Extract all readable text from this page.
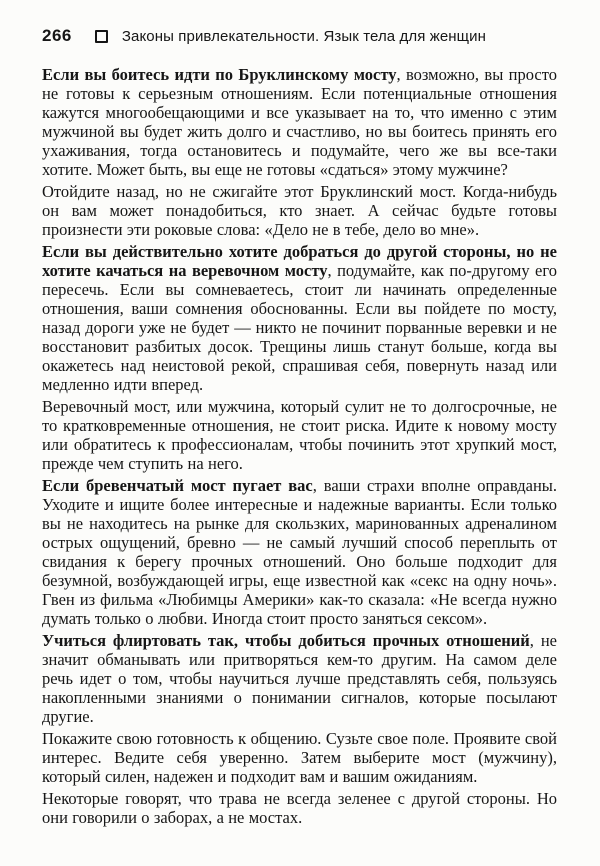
266	Законы привлекательности. Язык тела для женщин

Если вы боитесь идти по Бруклинскому мосту, возможно, вы просто не готовы к серьезным отношениям. Если потенциальные отношения кажутся многообещающими и все указывает на то, что именно с этим мужчиной вы будет жить долго и счастливо, но вы боитесь принять его ухаживания, тогда остановитесь и подумайте, чего же вы все-таки хотите. Может быть, вы еще не готовы «сдаться» этому мужчине?

Отойдите назад, но не сжигайте этот Бруклинский мост. Когда-нибудь он вам может понадобиться, кто знает. А сейчас будьте готовы произнести эти роковые слова: «Дело не в тебе, дело во мне».

Если вы действительно хотите добраться до другой стороны, но не хотите качаться на веревочном мосту, подумайте, как по-другому его пересечь. Если вы сомневаетесь, стоит ли начинать определенные отношения, ваши сомнения обоснованны. Если вы пойдете по мосту, назад дороги уже не будет — никто не починит порванные веревки и не восстановит разбитых досок. Трещины лишь станут больше, когда вы окажетесь над неистовой рекой, спрашивая себя, повернуть назад или медленно идти вперед.

Веревочный мост, или мужчина, который сулит не то долгосрочные, не то кратковременные отношения, не стоит риска. Идите к новому мосту или обратитесь к профессионалам, чтобы починить этот хрупкий мост, прежде чем ступить на него.

Если бревенчатый мост пугает вас, ваши страхи вполне оправданы. Уходите и ищите более интересные и надежные варианты. Если только вы не находитесь на рынке для скользких, маринованных адреналином острых ощущений, бревно — не самый лучший способ переплыть от свидания к берегу прочных отношений. Оно больше подходит для безумной, возбуждающей игры, еще известной как «секс на одну ночь». Гвен из фильма «Любимцы Америки» как-то сказала: «Не всегда нужно думать только о любви. Иногда стоит просто заняться сексом».

Учиться флиртовать так, чтобы добиться прочных отношений, не значит обманывать или притворяться кем-то другим. На самом деле речь идет о том, чтобы научиться лучше представлять себя, пользуясь накопленными знаниями о понимании сигналов, которые посылают другие.

Покажите свою готовность к общению. Сузьте свое поле. Проявите свой интерес. Ведите себя уверенно. Затем выберите мост (мужчину), который силен, надежен и подходит вам и вашим ожиданиям.

Некоторые говорят, что трава не всегда зеленее с другой стороны. Но они говорили о заборах, а не мостах.
